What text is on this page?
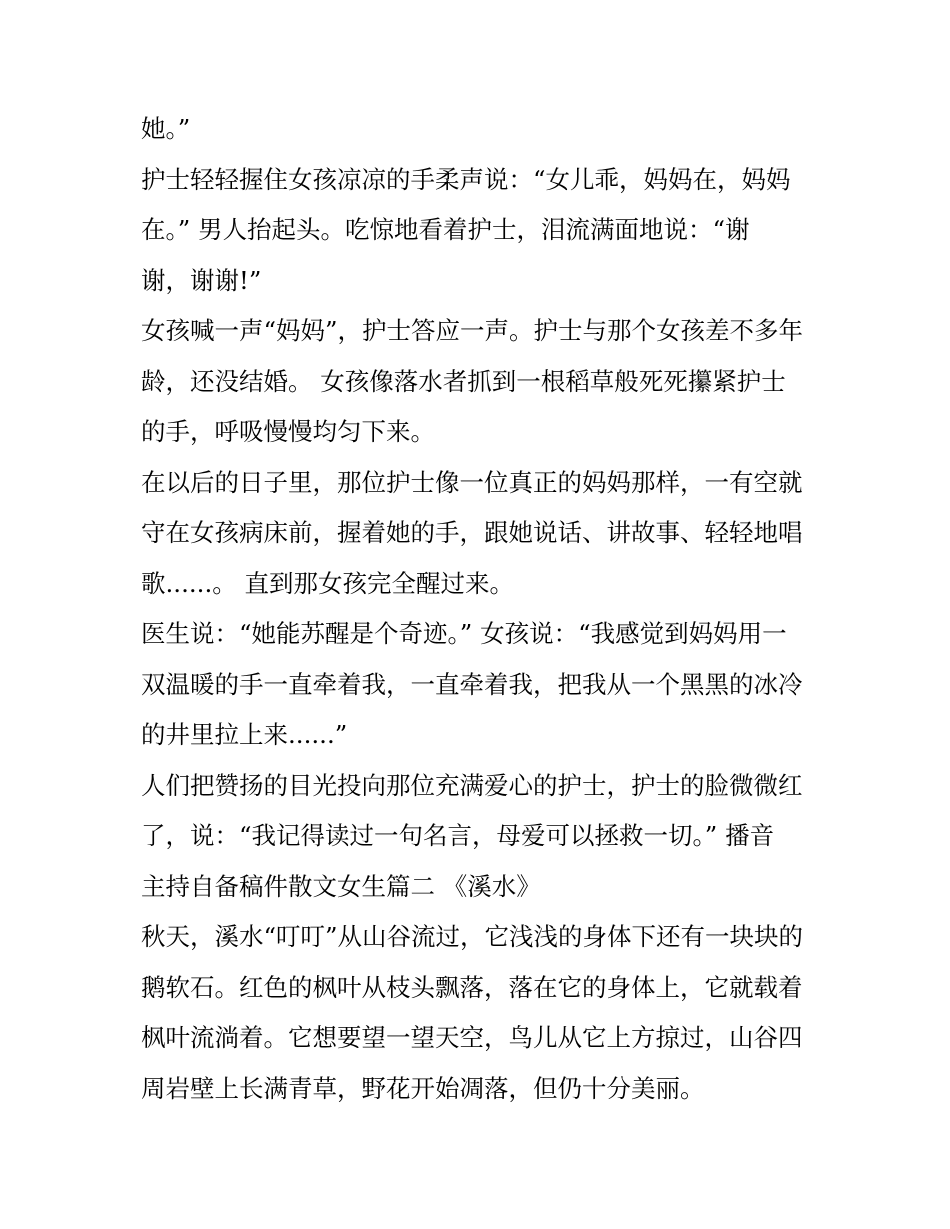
她。”
护士轻轻握住女孩凉凉的手柔声说：“女儿乖，妈妈在，妈妈
在。” 男人抬起头。吃惊地看着护士，泪流满面地说：“谢
谢，谢谢!”
女孩喊一声“妈妈”，护士答应一声。护士与那个女孩差不多年
龄，还没结婚。 女孩像落水者抓到一根稻草般死死攥紧护士
的手，呼吸慢慢均匀下来。
在以后的日子里，那位护士像一位真正的妈妈那样，一有空就
守在女孩病床前，握着她的手，跟她说话、讲故事、轻轻地唱
歌......。 直到那女孩完全醒过来。
医生说：“她能苏醒是个奇迹。” 女孩说：“我感觉到妈妈用一
双温暖的手一直牵着我，一直牵着我，把我从一个黑黑的冰冷
的井里拉上来......”
人们把赞扬的目光投向那位充满爱心的护士，护士的脸微微红
了，说：“我记得读过一句名言，母爱可以拯救一切。” 播音
主持自备稿件散文女生篇二 《溪水》
秋天，溪水“叮叮”从山谷流过，它浅浅的身体下还有一块块的
鹅软石。红色的枫叶从枝头飘落，落在它的身体上，它就载着
枫叶流淌着。它想要望一望天空，鸟儿从它上方掠过，山谷四
周岩壁上长满青草，野花开始凋落，但仍十分美丽。
